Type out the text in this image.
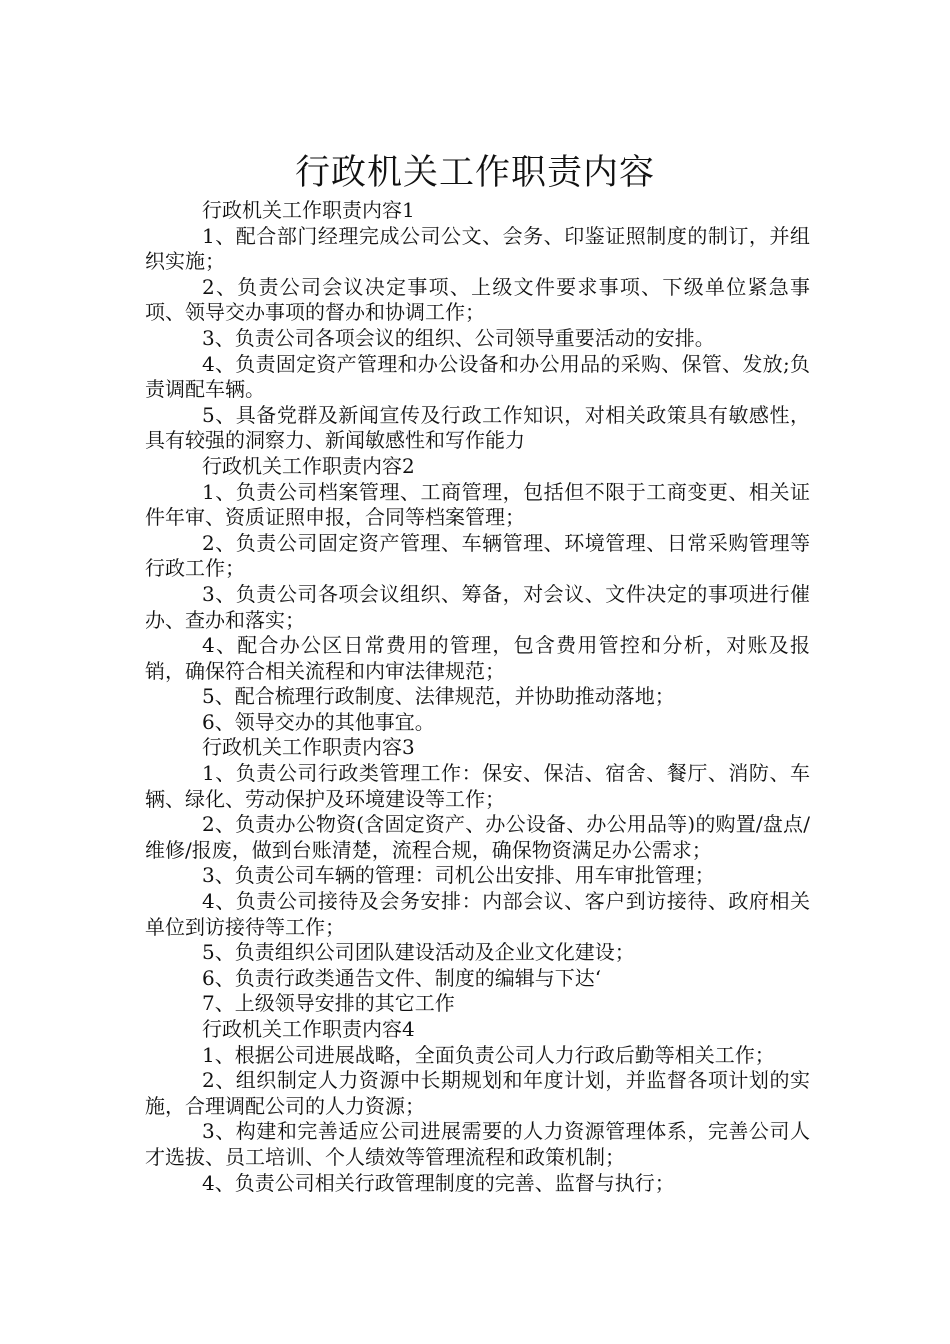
行政机关工作职责内容

行政机关工作职责内容1

1、配合部门经理完成公司公文、会务、印鉴证照制度的制订，并组织实施；

2、负责公司会议决定事项、上级文件要求事项、下级单位紧急事项、领导交办事项的督办和协调工作；

3、负责公司各项会议的组织、公司领导重要活动的安排。

4、负责固定资产管理和办公设备和办公用品的采购、保管、发放;负责调配车辆。

5、具备党群及新闻宣传及行政工作知识，对相关政策具有敏感性，具有较强的洞察力、新闻敏感性和写作能力

行政机关工作职责内容2

1、负责公司档案管理、工商管理，包括但不限于工商变更、相关证件年审、资质证照申报，合同等档案管理；

2、负责公司固定资产管理、车辆管理、环境管理、日常采购管理等行政工作；

3、负责公司各项会议组织、筹备，对会议、文件决定的事项进行催办、查办和落实；

4、配合办公区日常费用的管理，包含费用管控和分析，对账及报销，确保符合相关流程和内审法律规范；

5、配合梳理行政制度、法律规范，并协助推动落地；

6、领导交办的其他事宜。

行政机关工作职责内容3

1、负责公司行政类管理工作：保安、保洁、宿舍、餐厅、消防、车辆、绿化、劳动保护及环境建设等工作；

2、负责办公物资(含固定资产、办公设备、办公用品等)的购置/盘点/维修/报废，做到台账清楚，流程合规，确保物资满足办公需求；

3、负责公司车辆的管理：司机公出安排、用车审批管理；

4、负责公司接待及会务安排：内部会议、客户到访接待、政府相关单位到访接待等工作；

5、负责组织公司团队建设活动及企业文化建设；

6、负责行政类通告文件、制度的编辑与下达‘

7、上级领导安排的其它工作

行政机关工作职责内容4

1、根据公司进展战略，全面负责公司人力行政后勤等相关工作；

2、组织制定人力资源中长期规划和年度计划，并监督各项计划的实施，合理调配公司的人力资源；

3、构建和完善适应公司进展需要的人力资源管理体系，完善公司人才选拔、员工培训、个人绩效等管理流程和政策机制；

4、负责公司相关行政管理制度的完善、监督与执行；
